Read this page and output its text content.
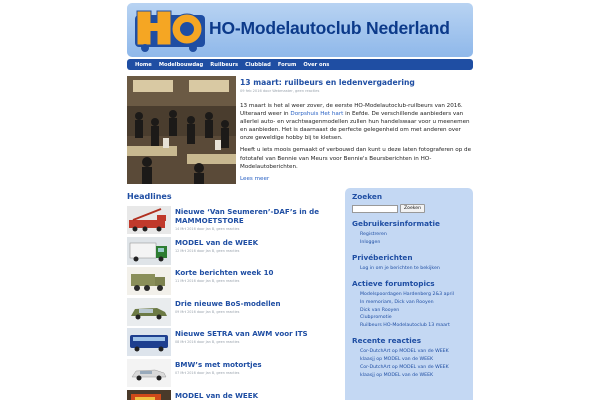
HO-Modelautoclub Nederland
Home Modelbouwdag Ruilbeurs Clubblad Forum Over ons
13 maart: ruilbeurs en ledenvergadering
09 feb 2016 door Webmaster, geen reacties

13 maart is het al weer zover, de eerste HO-Modelautoclub-ruilbeurs van 2016. Ulteraard weer in Dorpshuis Het hart in Eefde. De verschillende aanbieders van allerlei auto- en vrachtwagenmodellen zullen hun handelswaar voor u meenemen en aanbieden. Het is daarnaast de perfecte gelegenheid om met anderen over onze geweldige hobby bij te kletsen.

Heeft u iets moois gemaakt of verbouwd dan kunt u deze laten fotograferen op de fototafel van Bennie van Meurs voor Bennie's Beursberichten in HO-Modelautoberichten.

Lees meer

Headlines
Nieuwe ‘Van Seumeren’-DAF’s in de MAMMOETSTORE
14 Mrt 2016 door Jan B, geen reacties
MODEL van de WEEK
12 Mrt 2016 door Jan B, geen reacties
Korte berichten week 10
11 Mrt 2016 door Jan B, geen reacties
Drie nieuwe BoS-modellen
09 Mrt 2016 door Jan B, geen reacties
Nieuwe SETRA van AWM voor ITS
08 Mrt 2016 door Jan B, geen reacties
BMW’s met motortjes
07 Mrt 2016 door Jan B, geen reacties
MODEL van de WEEK
Zoeken
Zoeken
Gebruikersinformatie
Registreren
Inloggen
Privéberichten
Log in om je berichten te bekijken
Actieve forumtopics
Modelspoordagen Hardenberg 2&3 april
In memoriam, Dick van Rooyen
Dick van Rooyen
Clubpromotie
Ruilbeurs HO-Modelautoclub 13 maart
Recente reacties
Cor-DutchArt op MODEL van de WEEK
klaasjj op MODEL van de WEEK
Cor-DutchArt op MODEL van de WEEK
klaasjj op MODEL van de WEEK
